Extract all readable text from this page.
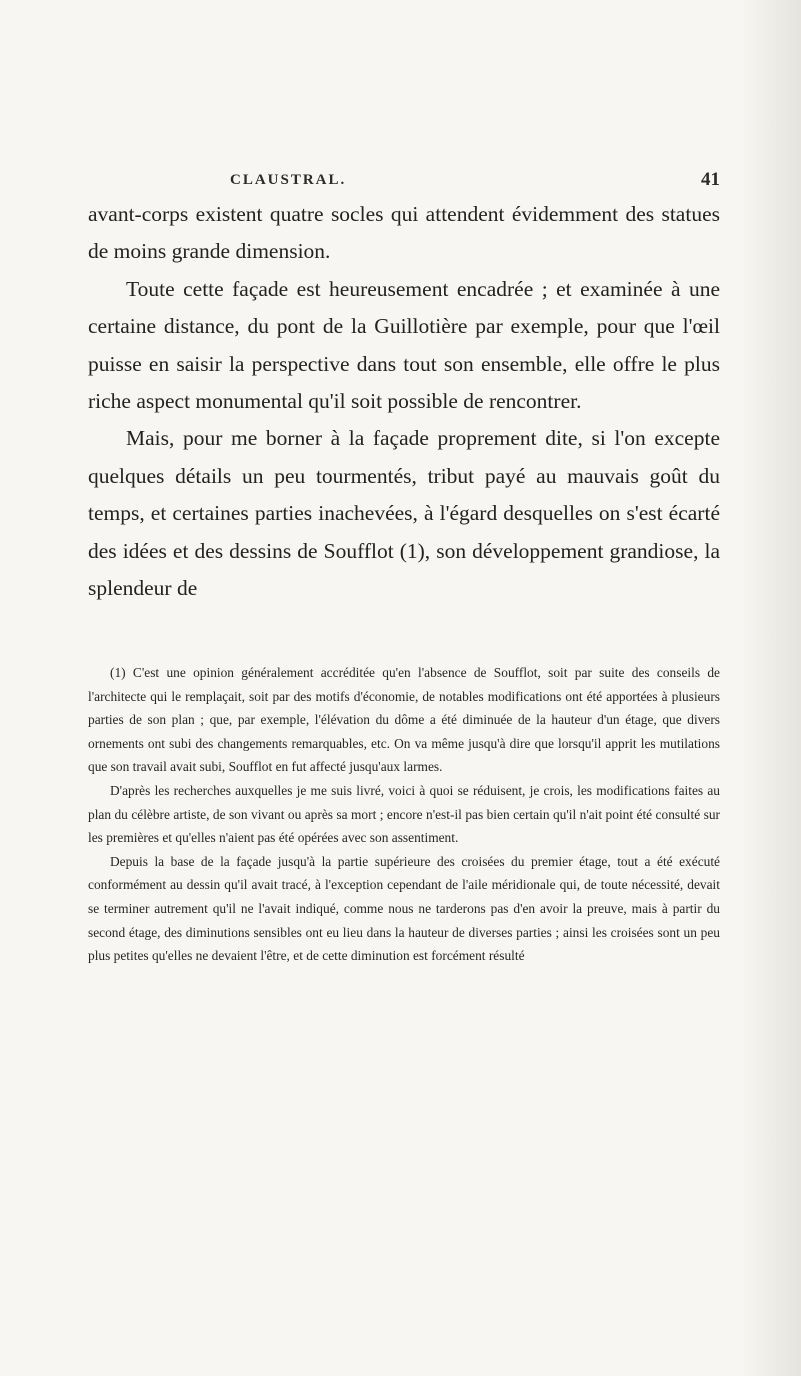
CLAUSTRAL.	41

avant-corps existent quatre socles qui attendent évidemment des statues de moins grande dimension.

Toute cette façade est heureusement encadrée ; et examinée à une certaine distance, du pont de la Guillotière par exemple, pour que l'œil puisse en saisir la perspective dans tout son ensemble, elle offre le plus riche aspect monumental qu'il soit possible de rencontrer.

Mais, pour me borner à la façade proprement dite, si l'on excepte quelques détails un peu tourmentés, tribut payé au mauvais goût du temps, et certaines parties inachevées, à l'égard desquelles on s'est écarté des idées et des dessins de Soufflot (1), son développement grandiose, la splendeur de

(1) C'est une opinion généralement accréditée qu'en l'absence de Soufflot, soit par suite des conseils de l'architecte qui le remplaçait, soit par des motifs d'économie, de notables modifications ont été apportées à plusieurs parties de son plan ; que, par exemple, l'élévation du dôme a été diminuée de la hauteur d'un étage, que divers ornements ont subi des changements remarquables, etc. On va même jusqu'à dire que lorsqu'il apprit les mutilations que son travail avait subi, Soufflot en fut affecté jusqu'aux larmes.

D'après les recherches auxquelles je me suis livré, voici à quoi se réduisent, je crois, les modifications faites au plan du célèbre artiste, de son vivant ou après sa mort ; encore n'est-il pas bien certain qu'il n'ait point été consulté sur les premières et qu'elles n'aient pas été opérées avec son assentiment.

Depuis la base de la façade jusqu'à la partie supérieure des croisées du premier étage, tout a été exécuté conformément au dessin qu'il avait tracé, à l'exception cependant de l'aile méridionale qui, de toute nécessité, devait se terminer autrement qu'il ne l'avait indiqué, comme nous ne tarderons pas d'en avoir la preuve, mais à partir du second étage, des diminutions sensibles ont eu lieu dans la hauteur de diverses parties ; ainsi les croisées sont un peu plus petites qu'elles ne devaient l'être, et de cette diminution est forcément résulté
